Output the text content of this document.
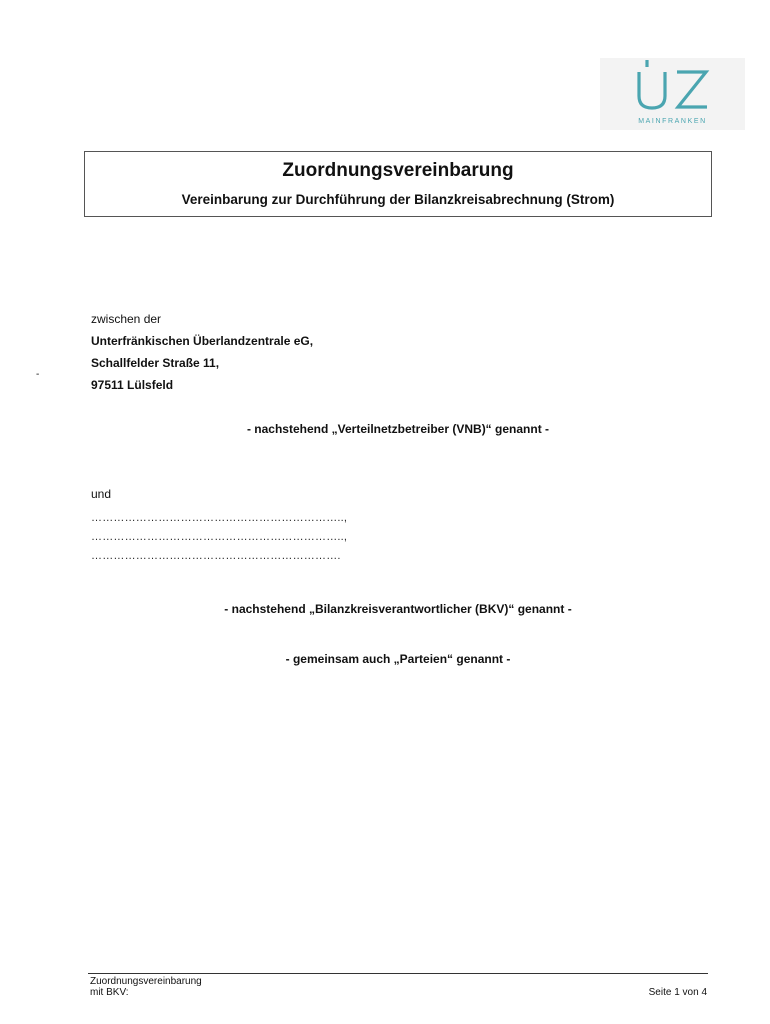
MAINFRANKEN
Zuordnungsvereinbarung
Vereinbarung zur Durchführung der Bilanzkreisabrechnung (Strom)
-
zwischen der
Unterfränkischen Überlandzentrale eG,
Schallfelder Straße 11,
97511 Lülsfeld
- nachstehend „Verteilnetzbetreiber (VNB)“ genannt -
und
…………………………………………………………..,
…………………………………………………………..,
………………………………………………………….
- nachstehend „Bilanzkreisverantwortlicher (BKV)“ genannt -
- gemeinsam auch „Parteien“ genannt -
Zuordnungsvereinbarung
mit BKV:	Seite 1 von 4
